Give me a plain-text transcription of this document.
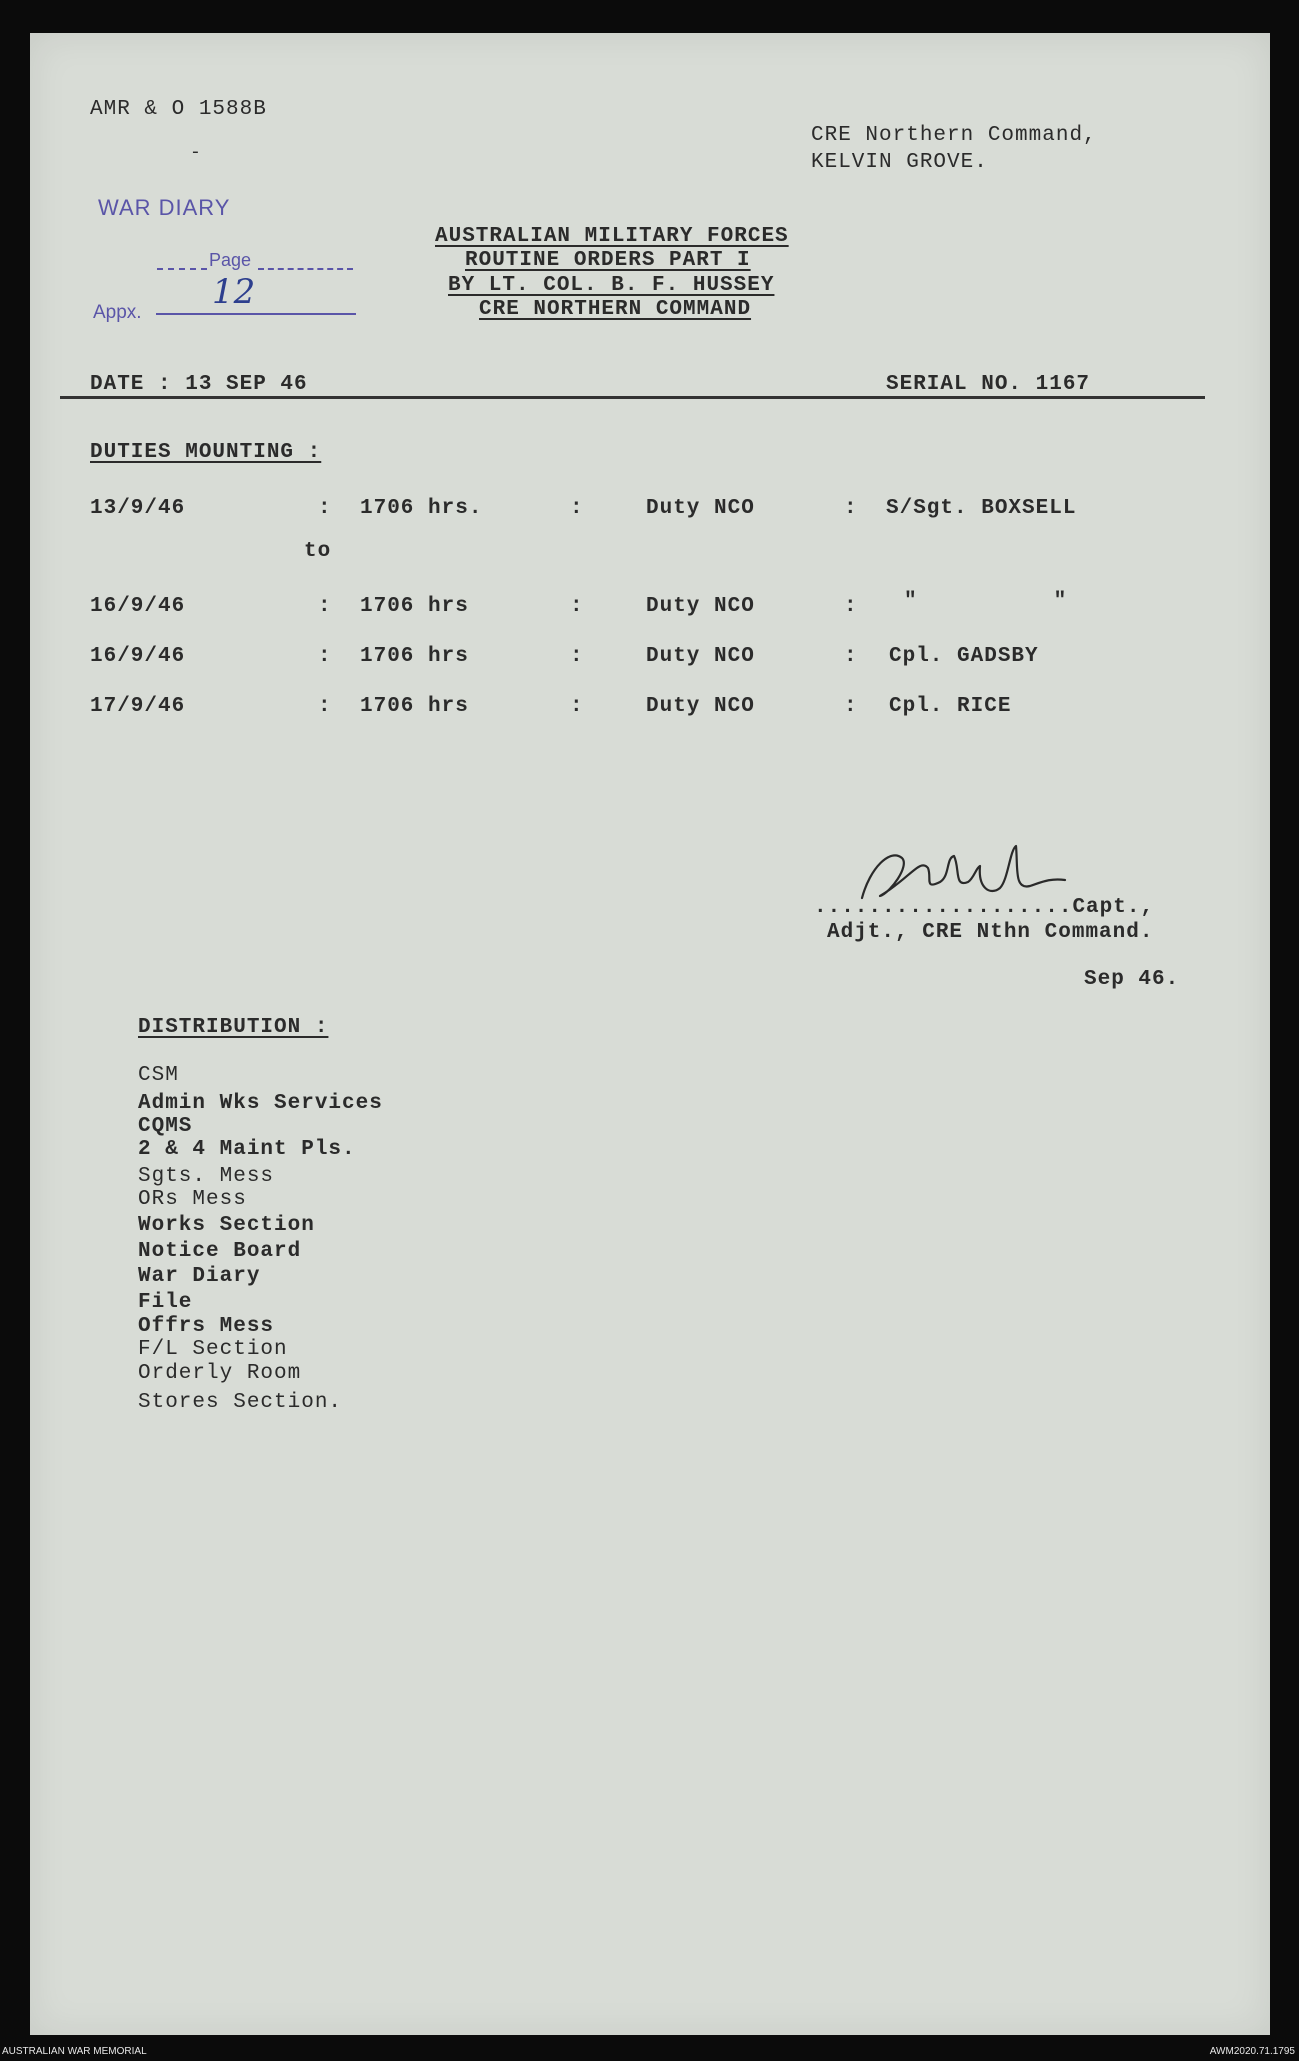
AMR & O 1588B
-
CRE Northern Command,
KELVIN GROVE.
WAR DIARY
Page
Appx.
12
AUSTRALIAN MILITARY FORCES
ROUTINE ORDERS PART I
BY LT. COL. B. F. HUSSEY
CRE NORTHERN COMMAND
DATE : 13 SEP 46	SERIAL NO. 1167
DUTIES MOUNTING :
13/9/46	: 1706 hrs.	:	Duty NCO	: S/Sgt. BOXSELL
to
16/9/46	: 1706 hrs	:	Duty NCO	: "          "
16/9/46	: 1706 hrs	:	Duty NCO	: Cpl. GADSBY
17/9/46	: 1706 hrs	:	Duty NCO	: Cpl. RICE
...................Capt.,
Adjt., CRE Nthn Command.
Sep 46.
DISTRIBUTION :
CSM
Admin Wks Services
CQMS
2 & 4 Maint Pls.
Sgts. Mess
ORs Mess
Works Section
Notice Board
War Diary
File
Offrs Mess
F/L Section
Orderly Room
Stores Section.
AUSTRALIAN WAR MEMORIAL	AWM2020.71.1795
